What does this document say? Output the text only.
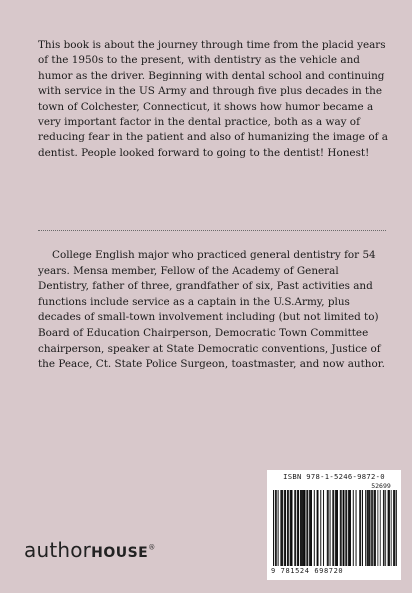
This book is about the journey through time from the placid years of the 1950s to the present, with dentistry as the vehicle and humor as the driver. Beginning with dental school and continuing with service in the US Army and through five plus decades in the town of Colchester, Connecticut, it shows how humor became a very important factor in the dental practice, both as a way of reducing fear in the patient and also of humanizing the image of a dentist. People looked forward to going to the dentist! Honest!

College English major who practiced general dentistry for 54 years. Mensa member, Fellow of the Academy of General Dentistry, father of three, grandfather of six, Past activities and functions include service as a captain in the U.S.Army, plus decades of small-town involvement including (but not limited to) Board of Education Chairperson, Democratic Town Committee chairperson, speaker at State Democratic conventions, Justice of the Peace, Ct. State Police Surgeon, toastmaster, and now author.

authorHOUSE®
ISBN 978-1-5246-9872-0
52699
9 781524 698720
